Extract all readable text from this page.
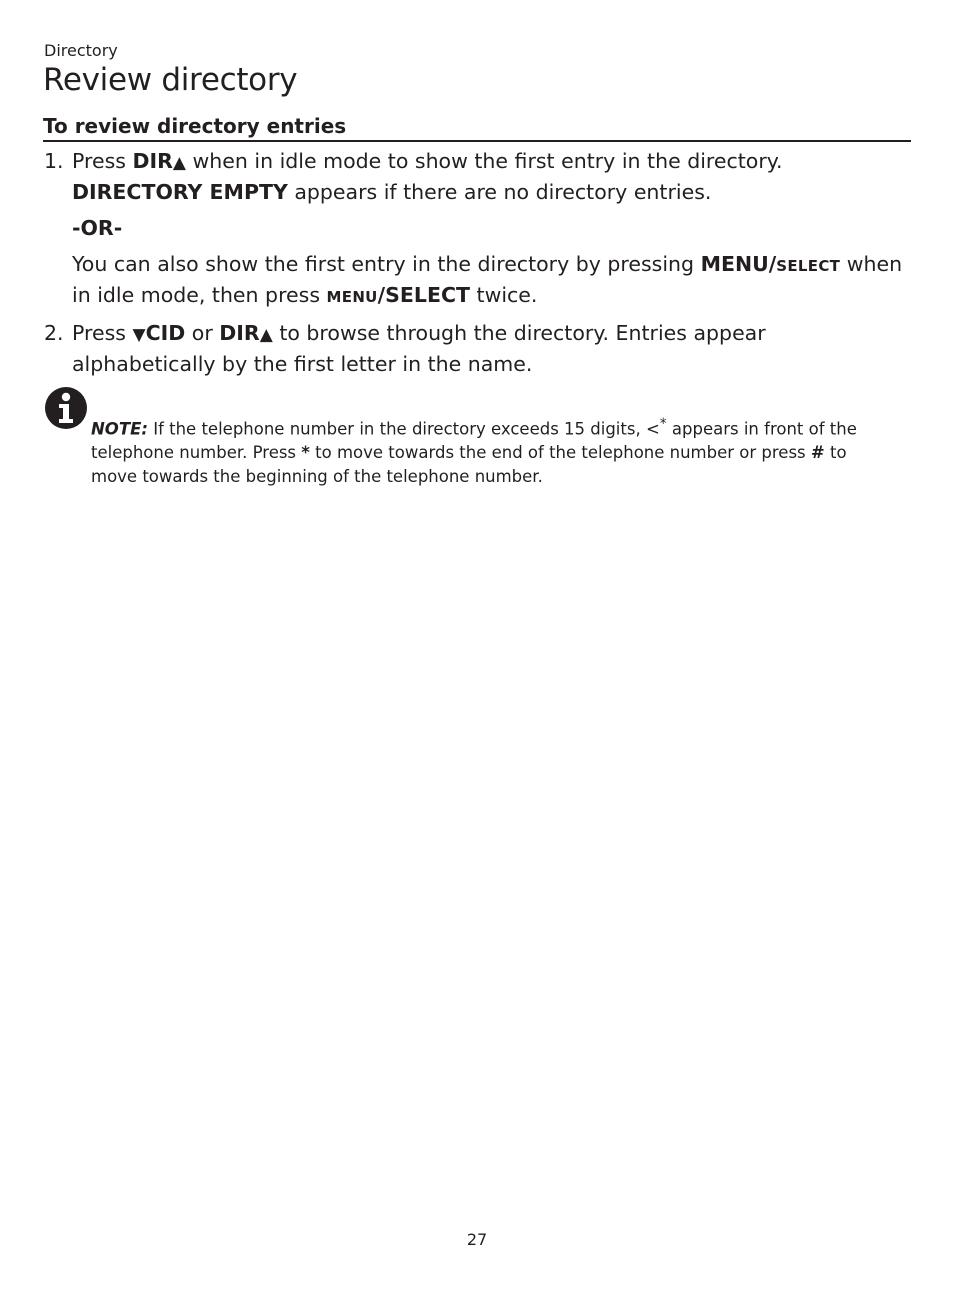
Directory
Review directory
To review directory entries
1. Press DIR▲ when in idle mode to show the first entry in the directory. DIRECTORY EMPTY appears if there are no directory entries.

-OR-

You can also show the first entry in the directory by pressing MENU/SELECT when in idle mode, then press MENU/SELECT twice.

2. Press ▼CID or DIR▲ to browse through the directory. Entries appear alphabetically by the first letter in the name.

NOTE: If the telephone number in the directory exceeds 15 digits, <* appears in front of the telephone number. Press * to move towards the end of the telephone number or press # to move towards the beginning of the telephone number.
27
